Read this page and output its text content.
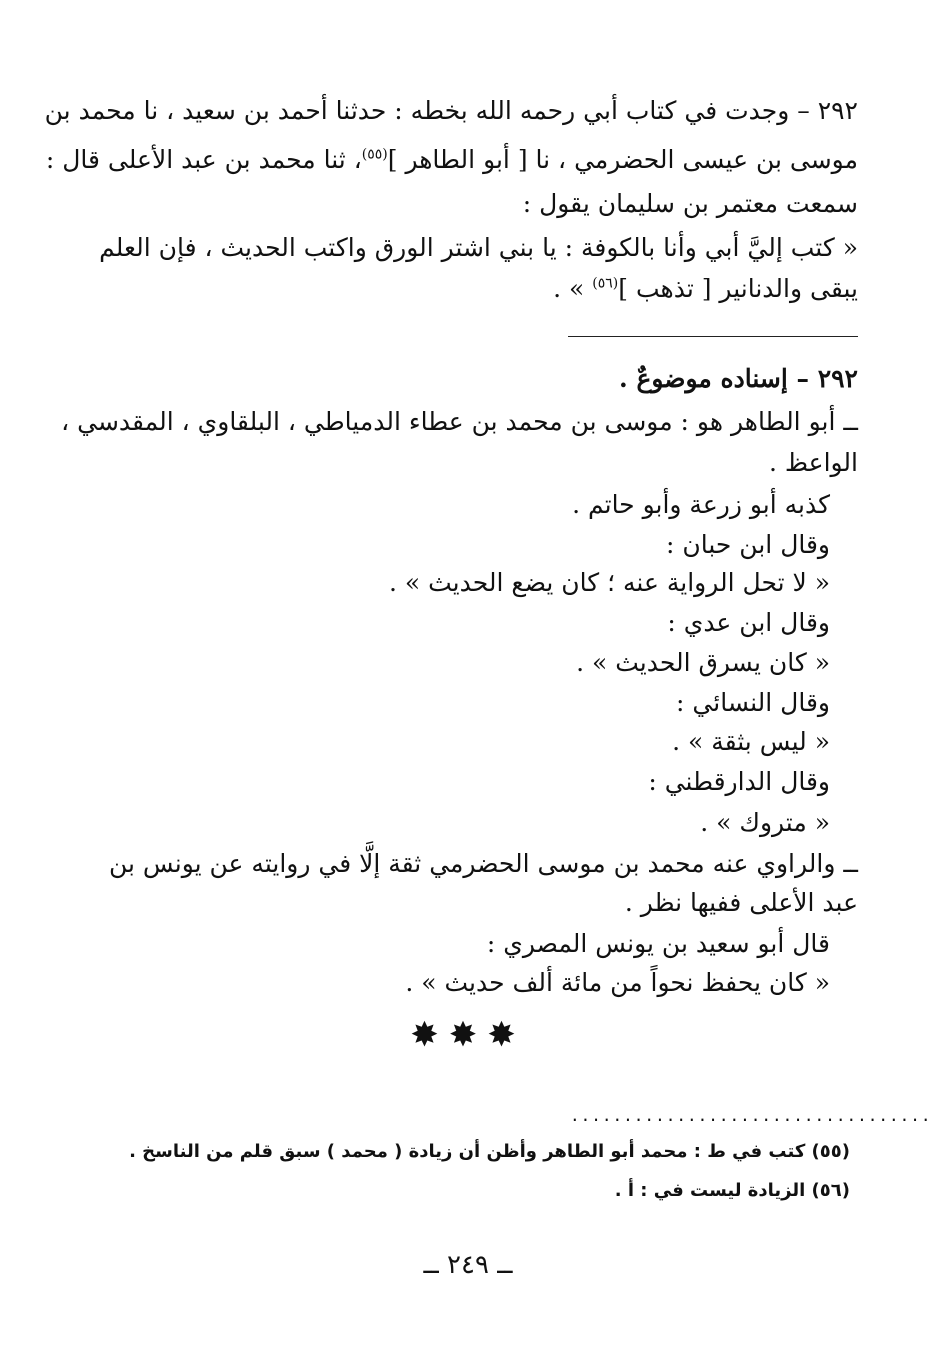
٢٩٢ – وجدت في كتاب أبي رحمه الله بخطه : حدثنا أحمد بن سعيد ، نا محمد بن
موسى بن عيسى الحضرمي ، نا [ أبو الطاهر ]$^{(٥٥)}$، ثنا محمد بن عبد الأعلى قال :
سمعت معتمر بن سليمان يقول :
« كتب إليَّ أبي وأنا بالكوفة : يا بني اشتر الورق واكتب الحديث ، فإن العلم
يبقى والدنانير [ تذهب ]$^{(٥٦)}$ » .
٢٩٢ – إسناده موضوعٌ .
ــ أبو الطاهر هو : موسى بن محمد بن عطاء الدمياطي ، البلقاوي ، المقدسي ،
الواعظ .
كذبه أبو زرعة وأبو حاتم .
وقال ابن حبان :
« لا تحل الرواية عنه ؛ كان يضع الحديث » .
وقال ابن عدي :
« كان يسرق الحديث » .
وقال النسائي :
« ليس بثقة » .
وقال الدارقطني :
« متروك » .
ــ والراوي عنه محمد بن موسى الحضرمي ثقة إلَّا في روايته عن يونس بن
عبد الأعلى ففيها نظر .
قال أبو سعيد بن يونس المصري :
« كان يحفظ نحواً من مائة ألف حديث » .
✸✸✸
..................................
(٥٥) كتب في ط : محمد أبو الطاهر وأظن أن زيادة ( محمد ) سبق قلم من الناسخ .
(٥٦) الزيادة ليست في : أ .
ــ ٢٤٩ ــ
